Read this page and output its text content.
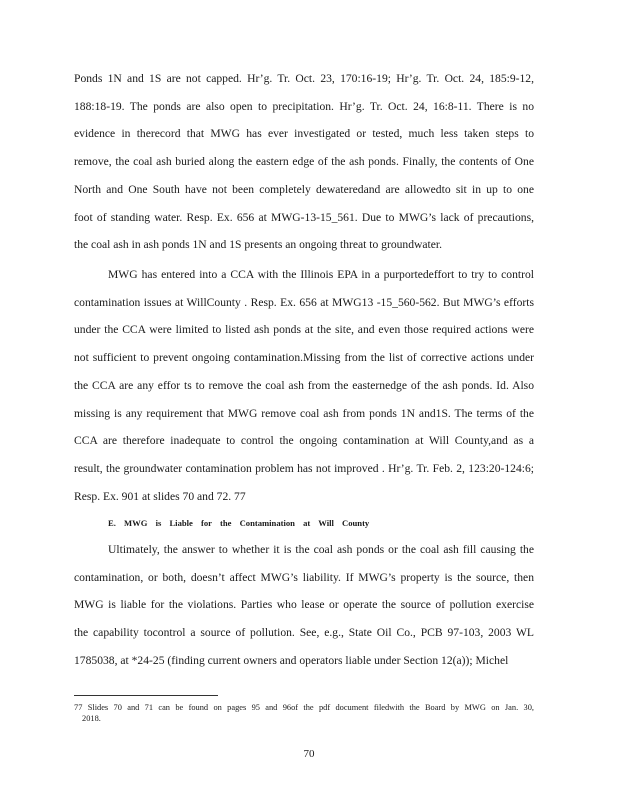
Ponds 1N and 1S are not capped. Hr’g. Tr. Oct. 23, 170:16-19; Hr’g. Tr. Oct. 24, 185:9-12,
188:18-19. The ponds are also open to precipitation. Hr’g. Tr. Oct. 24, 16:8-11. There is no
evidence in therecord that MWG has ever investigated or tested, much less taken steps to
remove, the coal ash buried along the eastern edge of the ash ponds. Finally, the contents of One
North and One South have not been completely dewateredand are allowedto sit in up to one
foot of standing water. Resp. Ex. 656 at MWG-13-15_561. Due to MWG’s lack of precautions,
the coal ash in ash ponds 1N and 1S presents an ongoing threat to groundwater.
MWG has entered into a CCA with the Illinois EPA in a purportedeffort to try to control
contamination issues at WillCounty . Resp. Ex. 656 at MWG13 -15_560-562. But MWG’s efforts
under the CCA were limited to listed ash ponds at the site, and even those required actions were
not sufficient to prevent ongoing contamination.Missing from the list of corrective actions under
the CCA are any effor ts to remove the coal ash from the easternedge of the ash ponds. Id. Also
missing is any requirement that MWG remove coal ash from ponds 1N and1S. The terms of the
CCA are therefore inadequate to control the ongoing contamination at Will County,and as a
result, the groundwater contamination problem has not improved . Hr’g. Tr. Feb. 2, 123:20-124:6;
Resp. Ex. 901 at slides 70 and 72. 77
E. MWG is Liable for the Contamination at Will County
Ultimately, the answer to whether it is the coal ash ponds or the coal ash fill causing the
contamination, or both, doesn’t affect MWG’s liability. If MWG’s property is the source, then
MWG is liable for the violations. Parties who lease or operate the source of pollution exercise
the capability tocontrol a source of pollution. See, e.g., State Oil Co., PCB 97-103, 2003 WL
1785038, at *24-25 (finding current owners and operators liable under Section 12(a)); Michel
77 Slides 70 and 71 can be found on pages 95 and 96of the pdf document filedwith the Board by MWG on Jan. 30,
2018.
70
